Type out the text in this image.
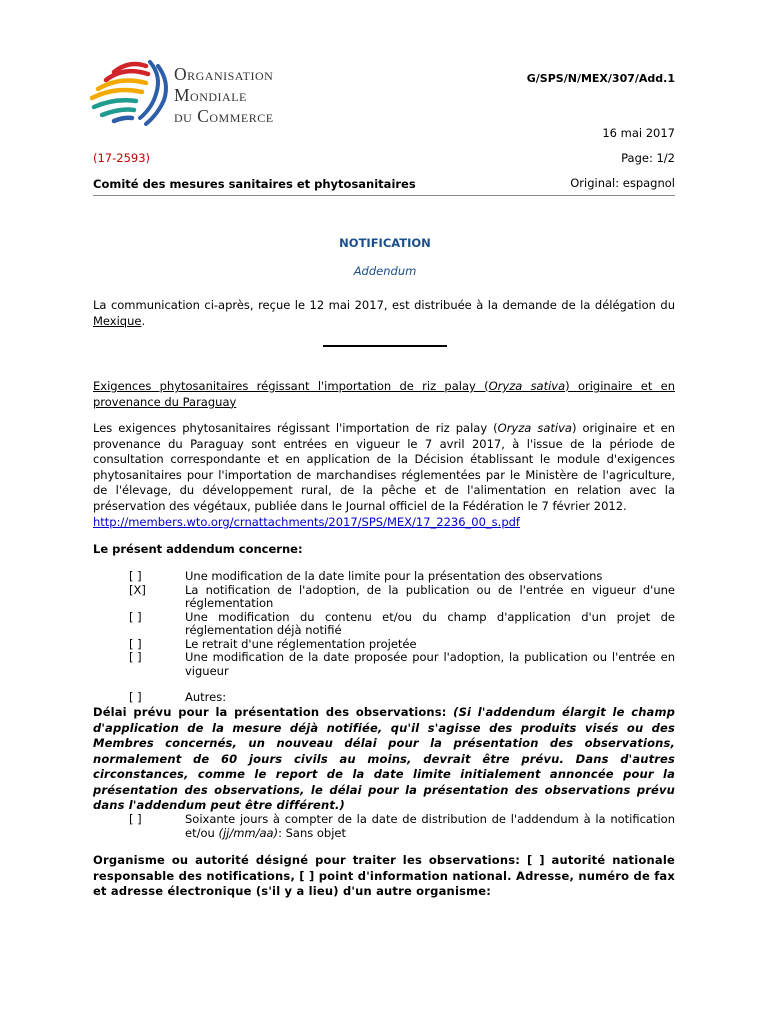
Organisation
Mondiale
du Commerce
G/SPS/N/MEX/307/Add.1
16 mai 2017
(17-2593)	Page: 1/2
Comité des mesures sanitaires et phytosanitaires	Original: espagnol
NOTIFICATION
Addendum
La communication ci-après, reçue le 12 mai 2017, est distribuée à la demande de la délégation du Mexique.
Exigences phytosanitaires régissant l'importation de riz palay (Oryza sativa) originaire et en provenance du Paraguay
Les exigences phytosanitaires régissant l'importation de riz palay (Oryza sativa) originaire et en provenance du Paraguay sont entrées en vigueur le 7 avril 2017, à l'issue de la période de consultation correspondante et en application de la Décision établissant le module d'exigences phytosanitaires pour l'importation de marchandises réglementées par le Ministère de l'agriculture, de l'élevage, du développement rural, de la pêche et de l'alimentation en relation avec la préservation des végétaux, publiée dans le Journal officiel de la Fédération le 7 février 2012.
http://members.wto.org/crnattachments/2017/SPS/MEX/17_2236_00_s.pdf
Le présent addendum concerne:
[ ]	Une modification de la date limite pour la présentation des observations
[X]	La notification de l'adoption, de la publication ou de l'entrée en vigueur d'une réglementation
[ ]	Une modification du contenu et/ou du champ d'application d'un projet de réglementation déjà notifié
[ ]	Le retrait d'une réglementation projetée
[ ]	Une modification de la date proposée pour l'adoption, la publication ou l'entrée en vigueur
[ ]	Autres:
Délai prévu pour la présentation des observations: (Si l'addendum élargit le champ d'application de la mesure déjà notifiée, qu'il s'agisse des produits visés ou des Membres concernés, un nouveau délai pour la présentation des observations, normalement de 60 jours civils au moins, devrait être prévu. Dans d'autres circonstances, comme le report de la date limite initialement annoncée pour la présentation des observations, le délai pour la présentation des observations prévu dans l'addendum peut être différent.)
[ ]	Soixante jours à compter de la date de distribution de l'addendum à la notification et/ou (jj/mm/aa): Sans objet
Organisme ou autorité désigné pour traiter les observations: [ ] autorité nationale responsable des notifications, [ ] point d'information national. Adresse, numéro de fax et adresse électronique (s'il y a lieu) d'un autre organisme:
